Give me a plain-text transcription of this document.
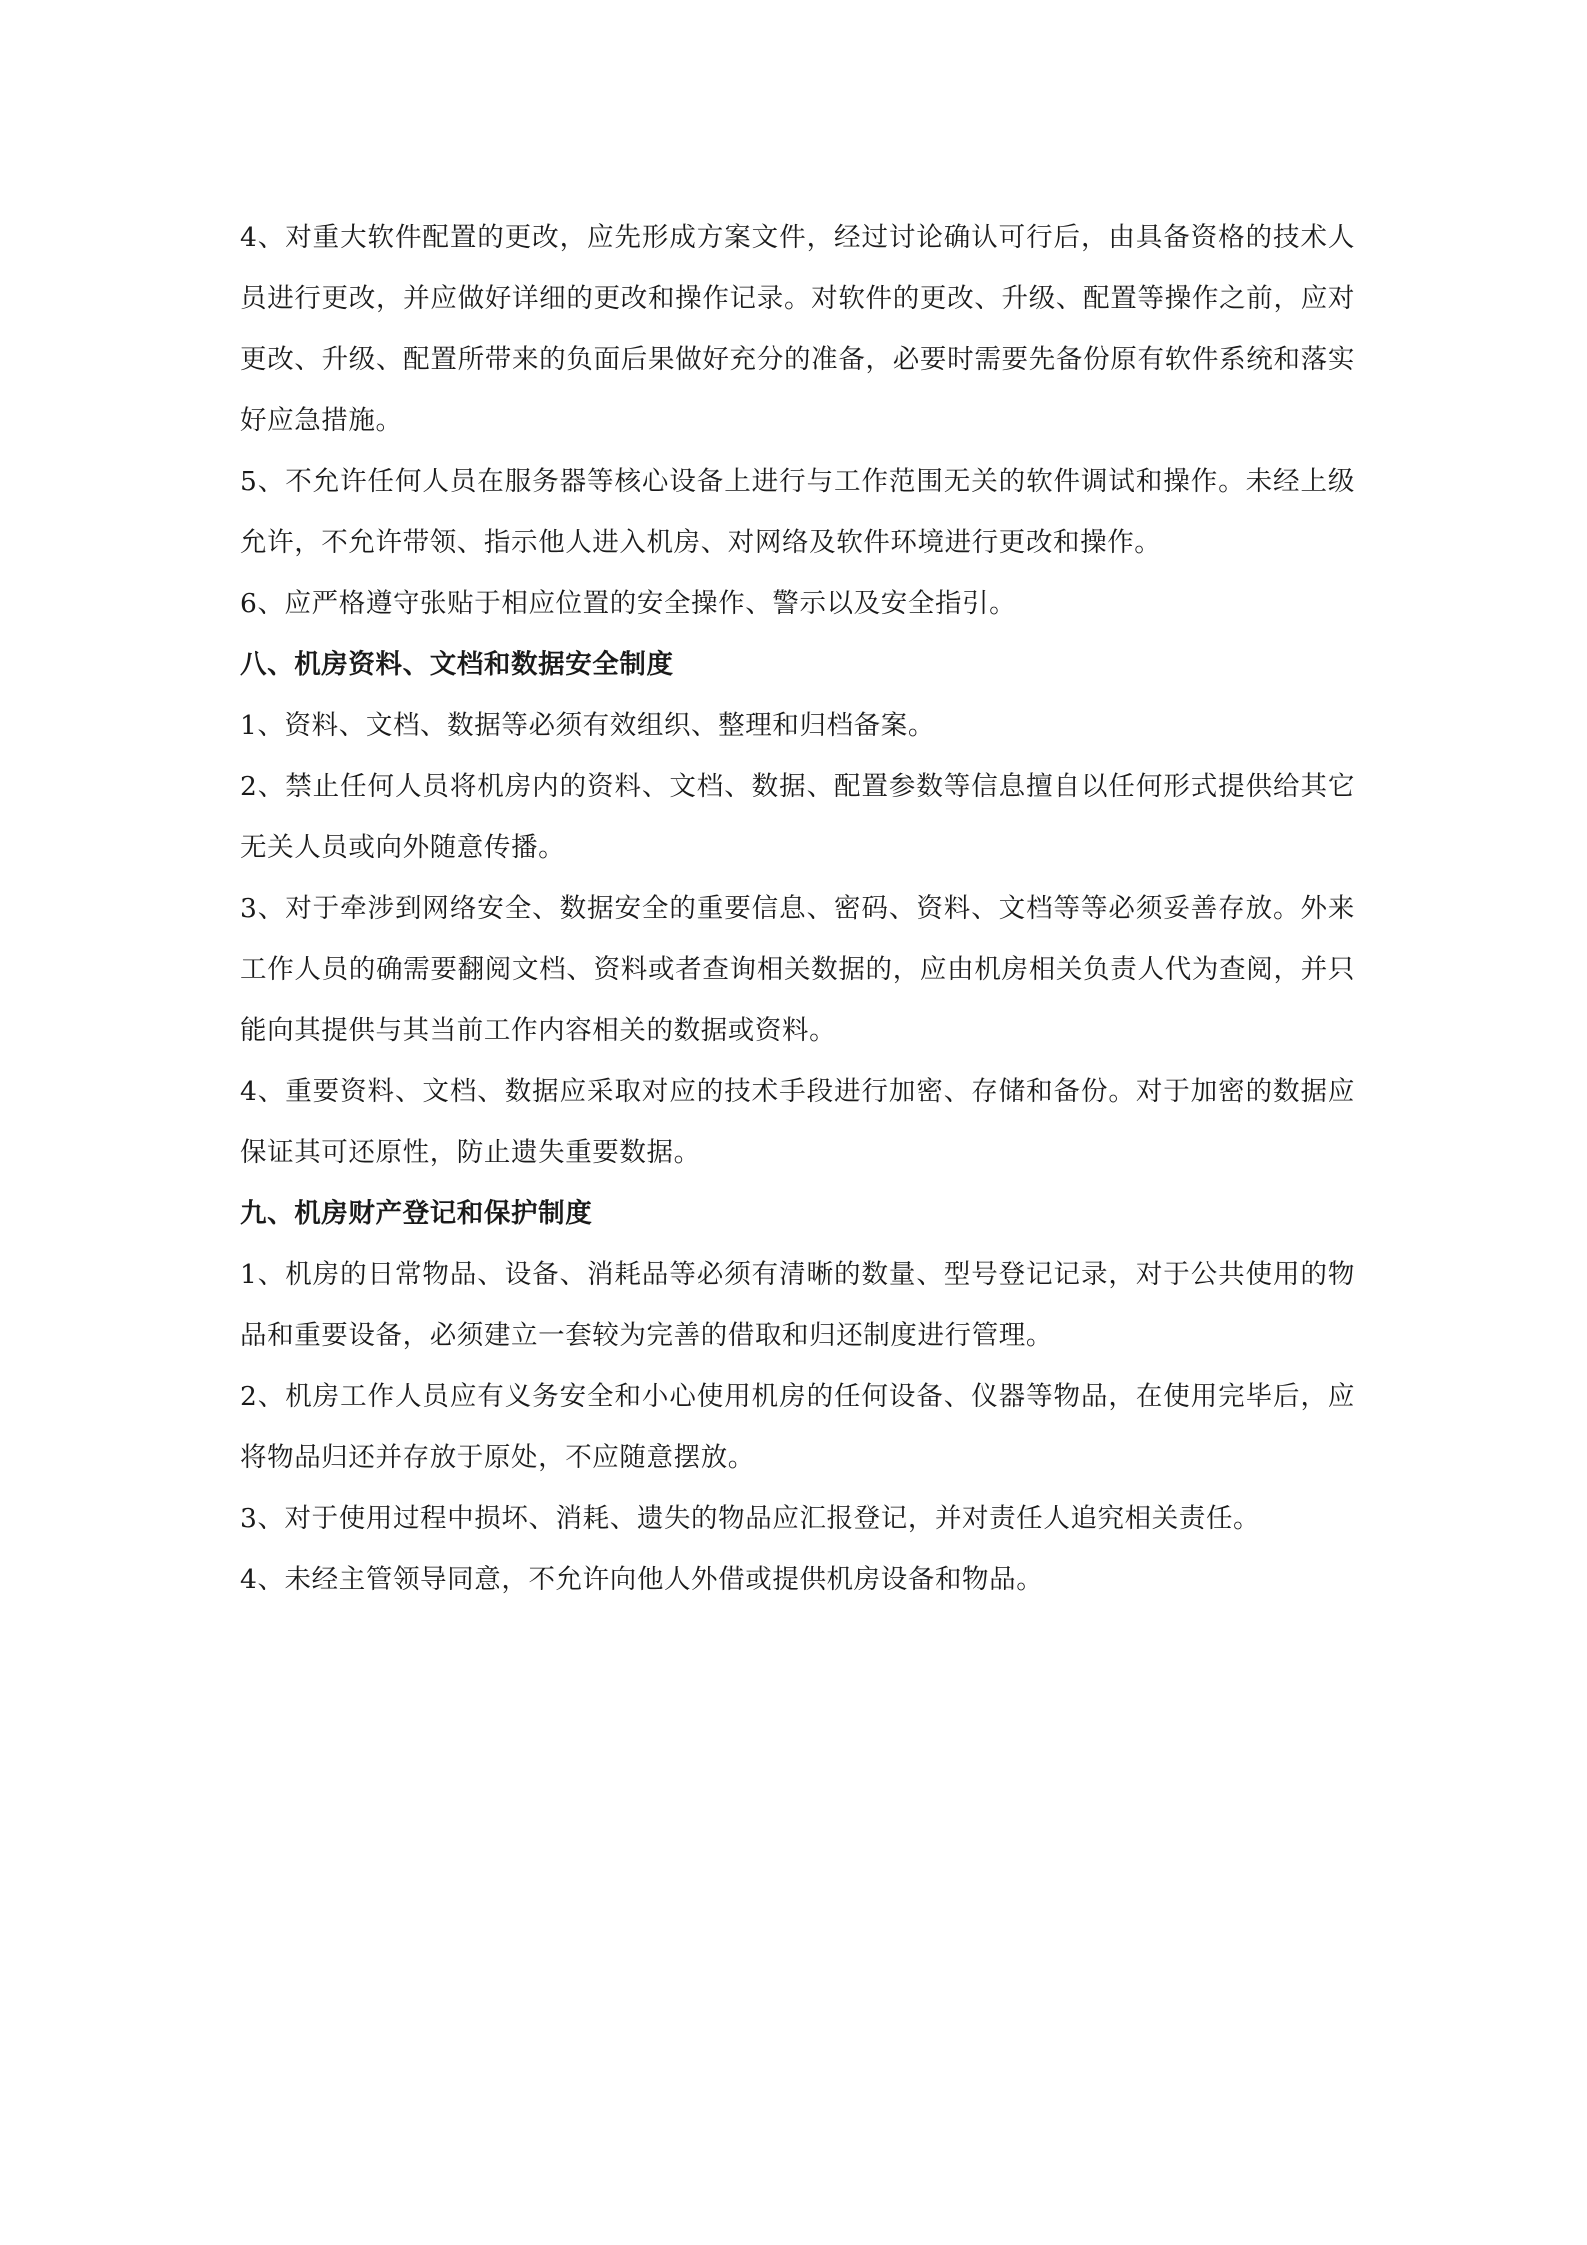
4、对重大软件配置的更改，应先形成方案文件，经过讨论确认可行后，由具备资格的技术人员进行更改，并应做好详细的更改和操作记录。对软件的更改、升级、配置等操作之前，应对更改、升级、配置所带来的负面后果做好充分的准备，必要时需要先备份原有软件系统和落实好应急措施。

5、不允许任何人员在服务器等核心设备上进行与工作范围无关的软件调试和操作。未经上级允许，不允许带领、指示他人进入机房、对网络及软件环境进行更改和操作。

6、应严格遵守张贴于相应位置的安全操作、警示以及安全指引。

八、机房资料、文档和数据安全制度

1、资料、文档、数据等必须有效组织、整理和归档备案。

2、禁止任何人员将机房内的资料、文档、数据、配置参数等信息擅自以任何形式提供给其它无关人员或向外随意传播。

3、对于牵涉到网络安全、数据安全的重要信息、密码、资料、文档等等必须妥善存放。外来工作人员的确需要翻阅文档、资料或者查询相关数据的，应由机房相关负责人代为查阅，并只能向其提供与其当前工作内容相关的数据或资料。

4、重要资料、文档、数据应采取对应的技术手段进行加密、存储和备份。对于加密的数据应保证其可还原性，防止遗失重要数据。

九、机房财产登记和保护制度

1、机房的日常物品、设备、消耗品等必须有清晰的数量、型号登记记录，对于公共使用的物品和重要设备，必须建立一套较为完善的借取和归还制度进行管理。

2、机房工作人员应有义务安全和小心使用机房的任何设备、仪器等物品，在使用完毕后，应将物品归还并存放于原处，不应随意摆放。

3、对于使用过程中损坏、消耗、遗失的物品应汇报登记，并对责任人追究相关责任。

4、未经主管领导同意，不允许向他人外借或提供机房设备和物品。
